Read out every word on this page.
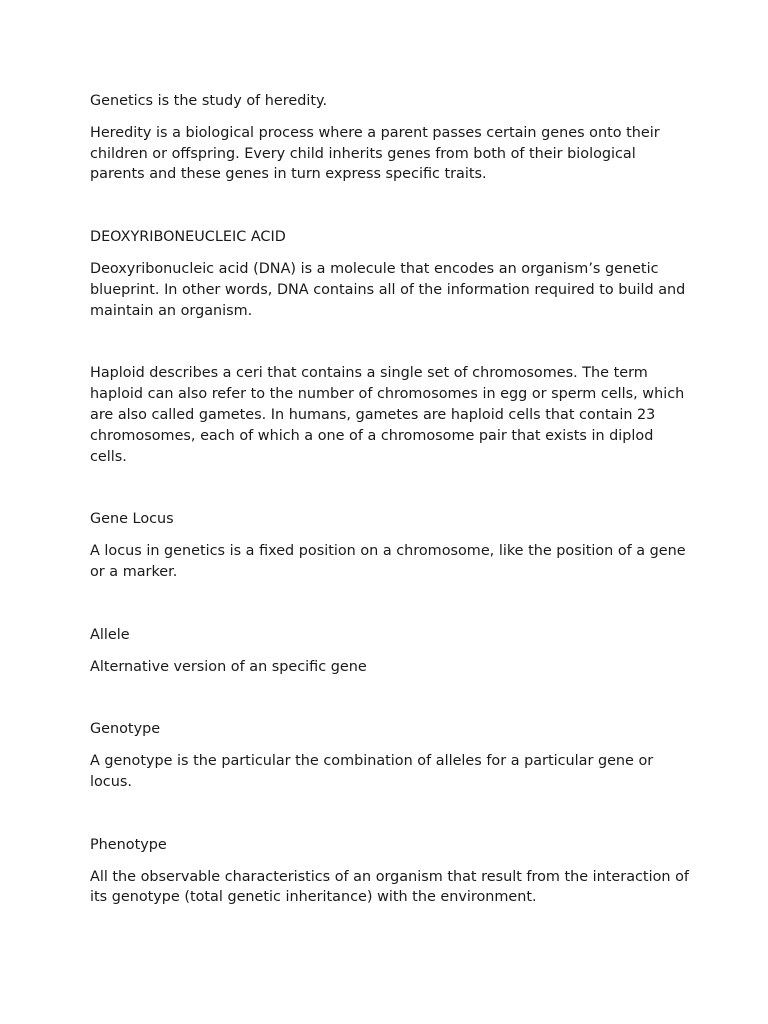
Genetics is the study of heredity.

Heredity is a biological process where a parent passes certain genes onto their children or offspring. Every child inherits genes from both of their biological parents and these genes in turn express specific traits.

DEOXYRIBONEUCLEIC ACID

Deoxyribonucleic acid (DNA) is a molecule that encodes an organism’s genetic blueprint. In other words, DNA contains all of the information required to build and maintain an organism.

Haploid describes a ceri that contains a single set of chromosomes. The term haploid can also refer to the number of chromosomes in egg or sperm cells, which are also called gametes. In humans, gametes are haploid cells that contain 23 chromosomes, each of which a one of a chromosome pair that exists in diplod cells.

Gene Locus

A locus in genetics is a fixed position on a chromosome, like the position of a gene or a marker.

Allele

Alternative version of an specific gene

Genotype

A genotype is the particular the combination of alleles for a particular gene or locus.

Phenotype

All the observable characteristics of an organism that result from the interaction of its genotype (total genetic inheritance) with the environment.
